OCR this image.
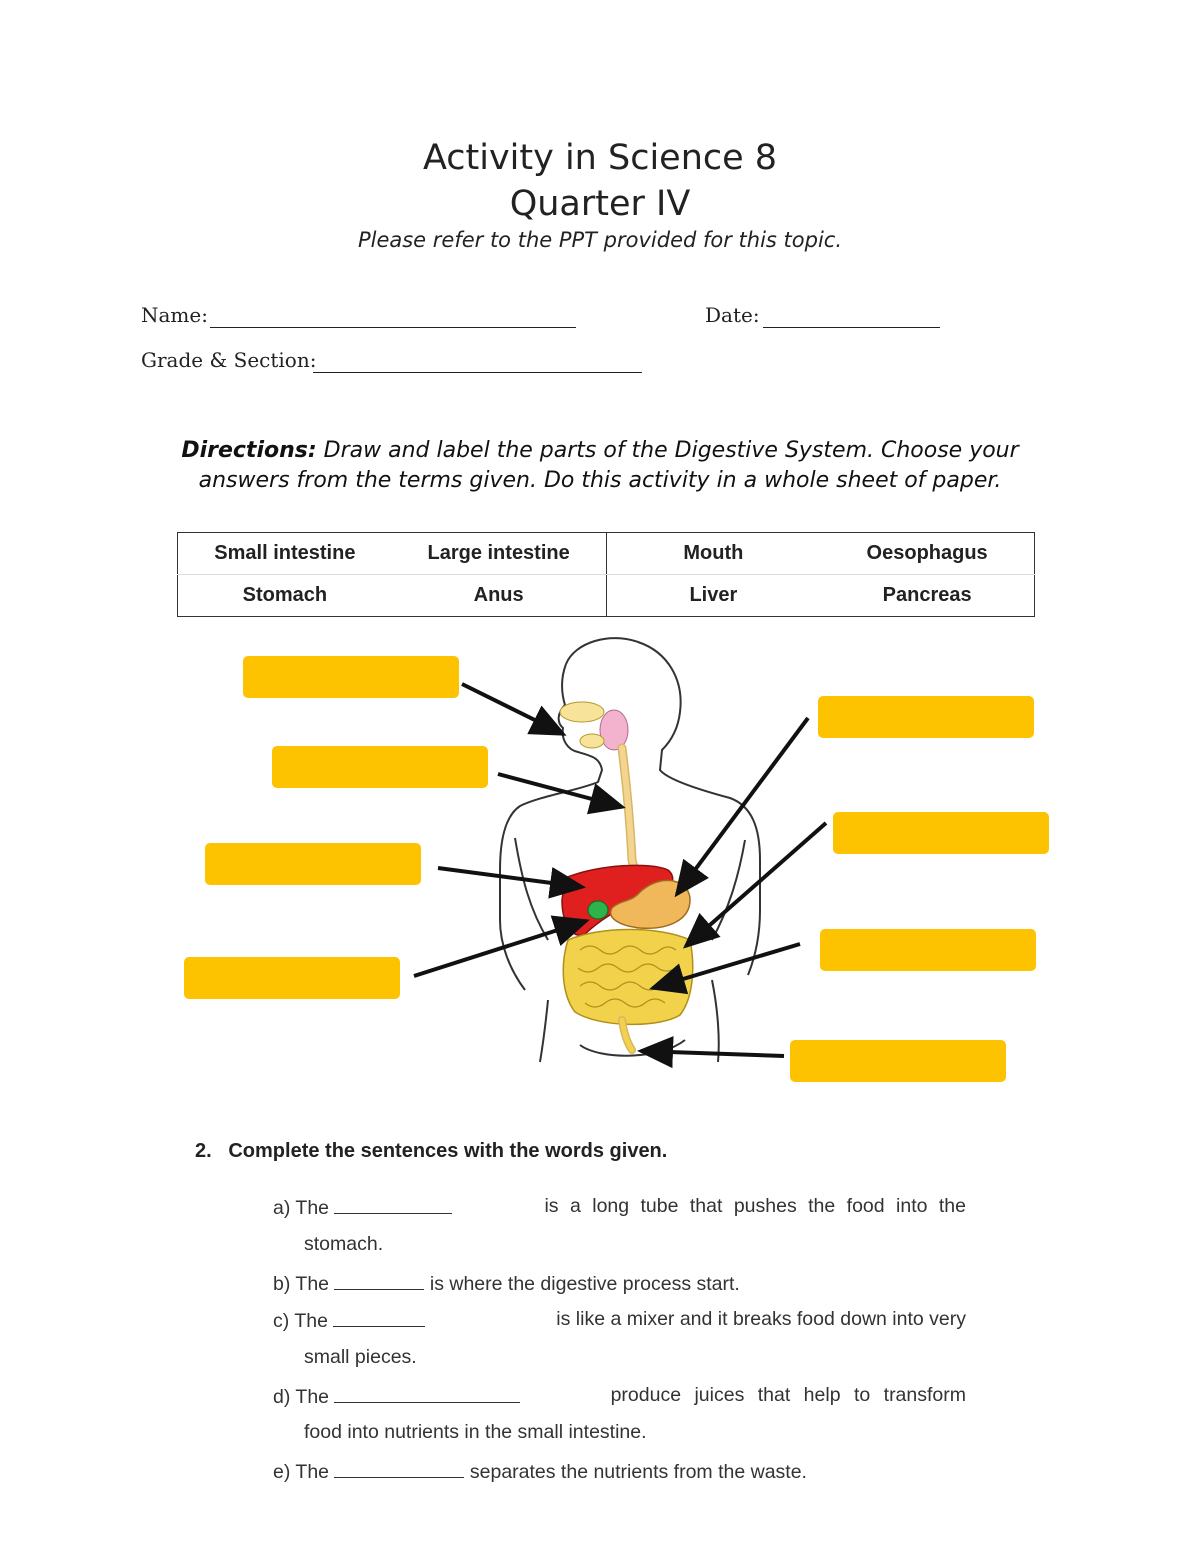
Activity in Science 8
Quarter IV
Please refer to the PPT provided for this topic.
Name:	Date:
Grade & Section:
Directions: Draw and label the parts of the Digestive System. Choose your
answers from the terms given. Do this activity in a whole sheet of paper.
Small intestine	Large intestine	Mouth	Oesophagus
Stomach	Anus	Liver	Pancreas
2. Complete the sentences with the words given.
a) The	is a long tube that pushes the food into the
stomach.
b) The	is where the digestive process start.
c) The	is like a mixer and it breaks food down into very
small pieces.
d) The	produce juices that help to transform
food into nutrients in the small intestine.
e) The	separates the nutrients from the waste.
